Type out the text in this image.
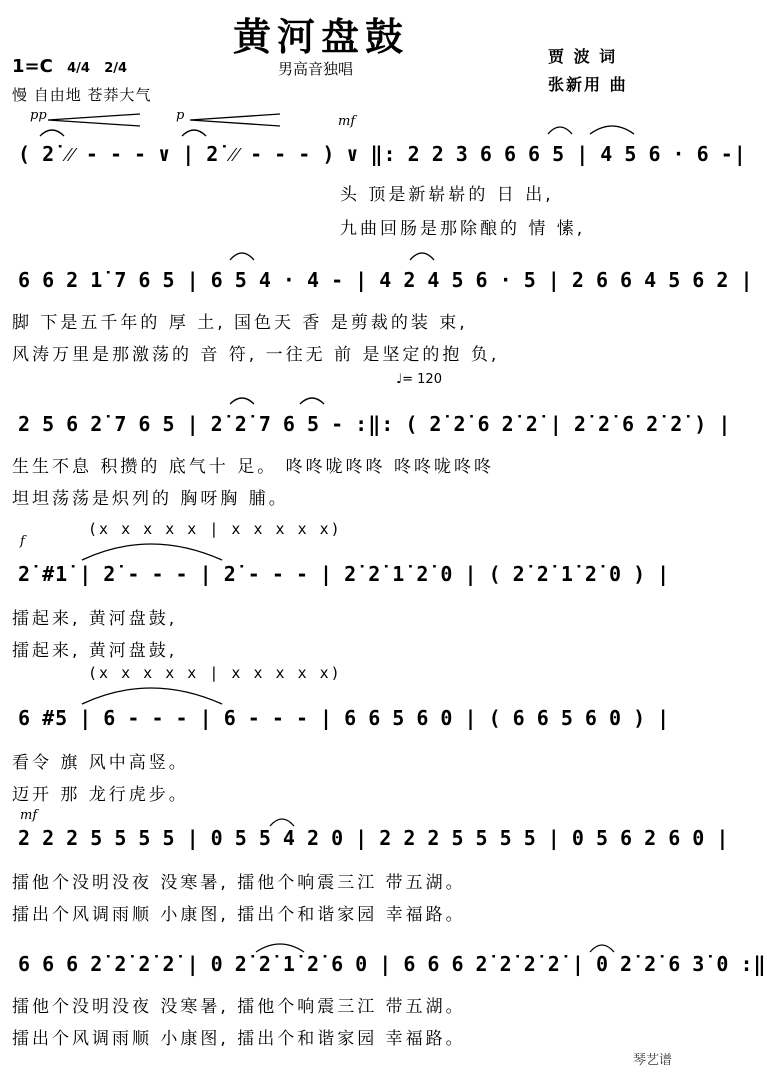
黄河盘鼓
男高音独唱
1=C 4/4 2/4
慢 自由地 苍莽大气
贾 波 词
张新用 曲
pp	p	mf
f
mf
♩= 120
( 2̇ ⁄⁄ - - - ∨ | 2̇ ⁄⁄ - - - ) ∨ ‖: 2 2 3 6 6 6 5 | 4 5 6 · 6 -|
头 顶是新崭崭的 日 出,
九曲回肠是那除酿的 情 愫,
6 6 2 1̇ 7 6 5 | 6 5 4 · 4 - | 4 2 4 5 6 · 5 | 2 6 6 4 5 6 2 |
脚 下是五千年的 厚 土, 国色天 香 是剪裁的装 束,
风涛万里是那激荡的 音 符, 一往无 前 是坚定的抱 负,
2 5 6 2̇ 7 6 5 | 2̇ 2̇ 7 6 5 - :‖: ( 2̇ 2̇ 6 2̇ 2̇ | 2̇ 2̇ 6 2̇ 2̇ ) |
生生不息 积攒的 底气十 足。 咚咚咙咚咚 咚咚咙咚咚
坦坦荡荡是炽列的 胸呀胸 脯。
(x x x x x | x x x x x)
2̇ #1̇ | 2̇ - - - | 2̇ - - - | 2̇ 2̇ 1̇ 2̇ 0 | ( 2̇ 2̇ 1̇ 2̇ 0 ) |
擂起来, 黄河盘鼓,
擂起来, 黄河盘鼓,
(x x x x x | x x x x x)
6 #5 | 6 - - - | 6 - - - | 6 6 5 6 0 | ( 6 6 5 6 0 ) |
看令 旗 风中高竖。
迈开 那 龙行虎步。
2 2 2 5 5 5 5 | 0 5 5 4 2 0 | 2 2 2 5 5 5 5 | 0 5 6 2 6 0 |
擂他个没明没夜 没寒暑, 擂他个响震三江 带五湖。
擂出个风调雨顺 小康图, 擂出个和谐家园 幸福路。
6 6 6 2̇ 2̇ 2̇ 2̇ | 0 2̇ 2̇ 1̇ 2̇ 6 0 | 6 6 6 2̇ 2̇ 2̇ 2̇ | 0 2̇ 2̇ 6 3̇ 0 :‖
擂他个没明没夜 没寒暑, 擂他个响震三江 带五湖。
擂出个风调雨顺 小康图, 擂出个和谐家园 幸福路。
琴艺谱
